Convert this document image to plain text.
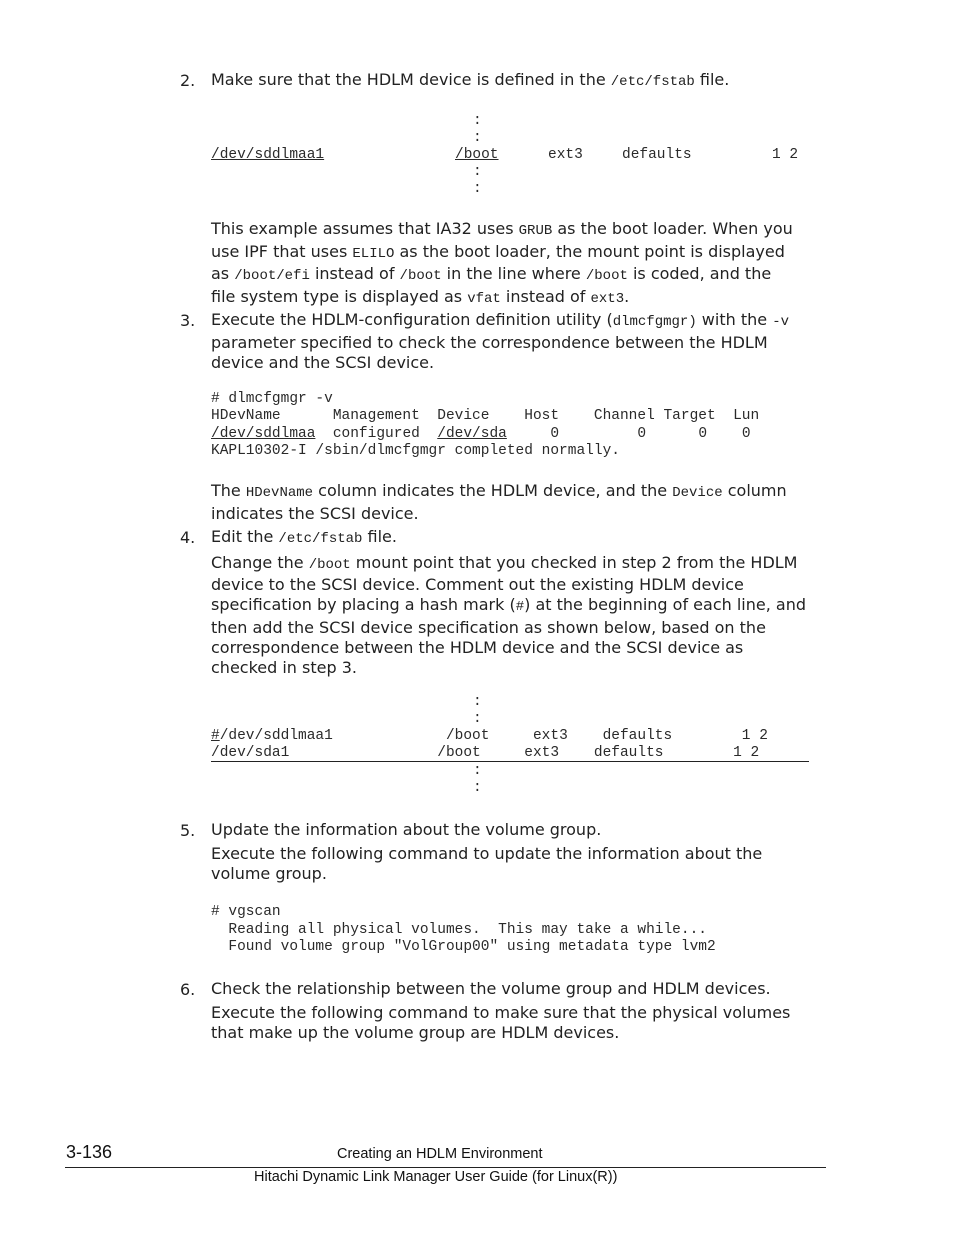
2. Make sure that the HDLM device is defined in the /etc/fstab file.
:
:
/dev/sddlmaa1	/boot	ext3	defaults	1 2
:
:
This example assumes that IA32 uses GRUB as the boot loader. When you
use IPF that uses ELILO as the boot loader, the mount point is displayed
as /boot/efi instead of /boot in the line where /boot is coded, and the
file system type is displayed as vfat instead of ext3.
3. Execute the HDLM-configuration definition utility (dlmcfgmgr) with the -v
parameter specified to check the correspondence between the HDLM
device and the SCSI device.
# dlmcfgmgr -v
HDevName      Management  Device    Host    Channel Target  Lun
/dev/sddlmaa configured /dev/sda	0         0      0    0
KAPL10302-I /sbin/dlmcfgmgr completed normally.
The HDevName column indicates the HDLM device, and the Device column
indicates the SCSI device.
4. Edit the /etc/fstab file.
Change the /boot mount point that you checked in step 2 from the HDLM
device to the SCSI device. Comment out the existing HDLM device
specification by placing a hash mark (#) at the beginning of each line, and
then add the SCSI device specification as shown below, based on the
correspondence between the HDLM device and the SCSI device as
checked in step 3.
:
:
#/dev/sddlmaa1	/boot     ext3    defaults        1 2
/dev/sda1                 /boot     ext3    defaults        1 2
:
:
5. Update the information about the volume group.
Execute the following command to update the information about the
volume group.
# vgscan
Reading all physical volumes.  This may take a while...
Found volume group "VolGroup00" using metadata type lvm2
6. Check the relationship between the volume group and HDLM devices.
Execute the following command to make sure that the physical volumes
that make up the volume group are HDLM devices.
3-136	Creating an HDLM Environment
Hitachi Dynamic Link Manager User Guide (for Linux(R))
